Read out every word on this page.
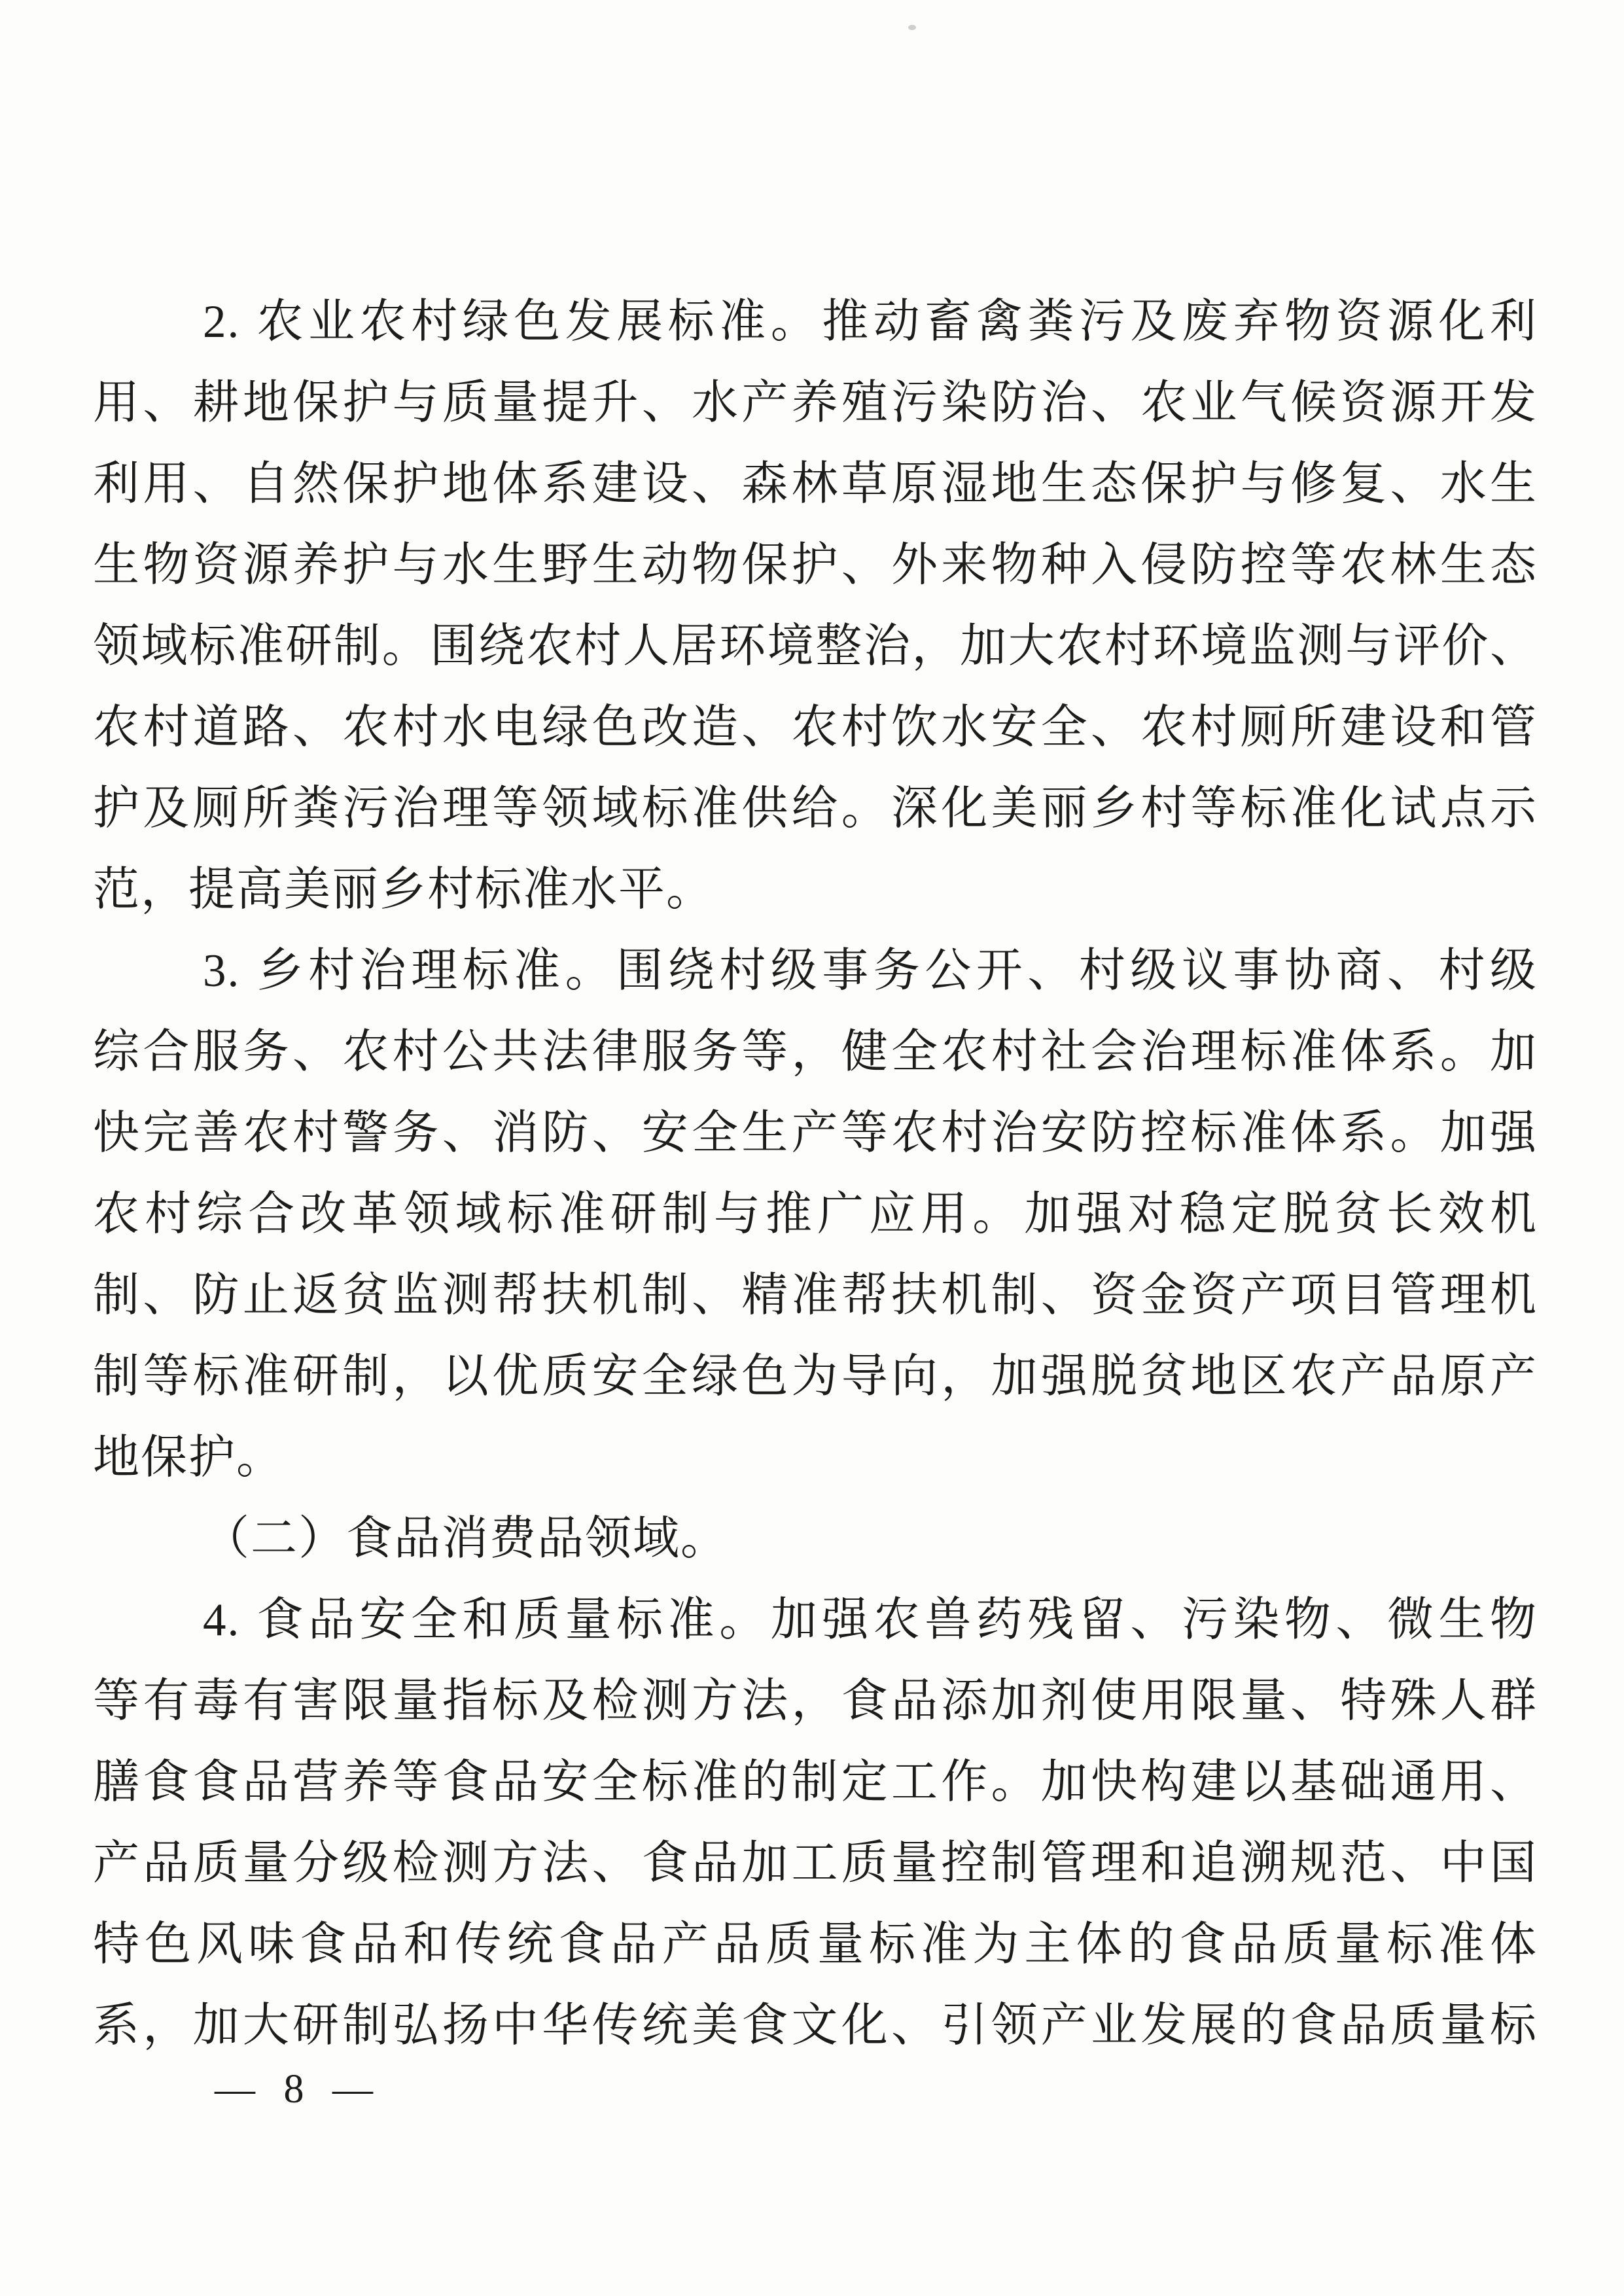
2. 农业农村绿色发展标准。推动畜禽粪污及废弃物资源化利
用、耕地保护与质量提升、水产养殖污染防治、农业气候资源开发
利用、自然保护地体系建设、森林草原湿地生态保护与修复、水生
生物资源养护与水生野生动物保护、外来物种入侵防控等农林生态
领域标准研制。围绕农村人居环境整治，加大农村环境监测与评价、
农村道路、农村水电绿色改造、农村饮水安全、农村厕所建设和管
护及厕所粪污治理等领域标准供给。深化美丽乡村等标准化试点示
范，提高美丽乡村标准水平。
3. 乡村治理标准。围绕村级事务公开、村级议事协商、村级
综合服务、农村公共法律服务等，健全农村社会治理标准体系。加
快完善农村警务、消防、安全生产等农村治安防控标准体系。加强
农村综合改革领域标准研制与推广应用。加强对稳定脱贫长效机
制、防止返贫监测帮扶机制、精准帮扶机制、资金资产项目管理机
制等标准研制，以优质安全绿色为导向，加强脱贫地区农产品原产
地保护。
（二）食品消费品领域。
4. 食品安全和质量标准。加强农兽药残留、污染物、微生物
等有毒有害限量指标及检测方法，食品添加剂使用限量、特殊人群
膳食食品营养等食品安全标准的制定工作。加快构建以基础通用、
产品质量分级检测方法、食品加工质量控制管理和追溯规范、中国
特色风味食品和传统食品产品质量标准为主体的食品质量标准体
系，加大研制弘扬中华传统美食文化、引领产业发展的食品质量标
— 8 —
